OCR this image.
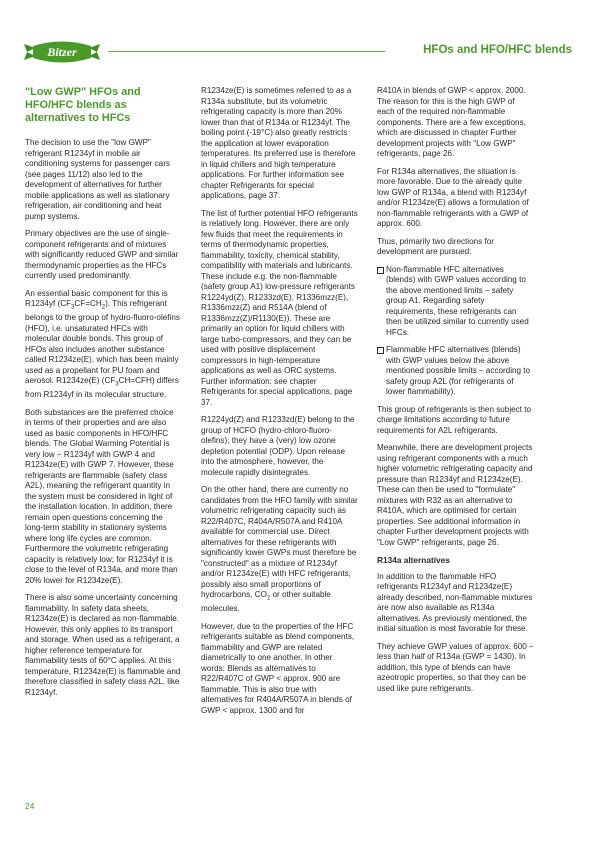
Bitzer	HFOs and HFO/HFC blends
"Low GWP" HFOs and HFO/HFC blends as alternatives to HFCs

The decision to use the "low GWP" refrigerant R1234yf in mobile air conditioning systems for passenger cars (see pages 11/12) also led to the development of alternatives for further mobile applications as well as stationary refrigeration, air conditioning and heat pump systems.

Primary objectives are the use of single-component refrigerants and of mixtures with significantly reduced GWP and similar thermodynamic properties as the HFCs currently used predominantly.

An essential basic component for this is R1234yf $(CF_3CF=CH_2)$. This refrigerant belongs to the group of hydro-fluoro-olefins (HFO), i.e. unsaturated HFCs with molecular double bonds. This group of HFOs also includes another substance called R1234ze(E), which has been mainly used as a propellant for PU foam and aerosol. R1234ze(E) $(CF_3CH=CFH)$ differs from R1234yf in its molecular structure.

Both substances are the preferred choice in terms of their properties and are also used as basic components in HFO/HFC blends. The Global Warming Potential is very low – R1234yf with GWP 4 and R1234ze(E) with GWP 7. However, these refrigerants are flammable (safety class A2L), meaning the refrigerant quantity in the system must be considered in light of the installation location. In addition, there remain open questions concerning the long-term stability in stationary systems where long life cycles are common. Furthermore the volumetric refrigerating capacity is relatively low; for R1234yf it is close to the level of R134a, and more than 20% lower for R1234ze(E).

There is also some uncertainty concerning flammability. In safety data sheets, R1234ze(E) is declared as non-flammable. However, this only applies to its transport and storage. When used as a refrigerant, a higher reference temperature for flammability tests of 60°C applies. At this temperature, R1234ze(E) is flammable and therefore classified in safety class A2L, like R1234yf.

R1234ze(E) is sometimes referred to as a R134a substitute, but its volumetric refrigerating capacity is more than 20% lower than that of R134a or R1234yf. The boiling point (-19°C) also greatly restricts the application at lower evaporation temperatures. Its preferred use is therefore in liquid chillers and high temperature applications. For further information see chapter Refrigerants for special applications, page 37.

The list of further potential HFO refrigerants is relatively long. However, there are only few fluids that meet the requirements in terms of thermodynamic properties, flammability, toxicity, chemical stability, compatibility with materials and lubricants. These include e.g. the non-flammable (safety group A1) low-pressure refrigerants R1224yd(Z), R1233zd(E), R1336mzz(E), R1336mzz(Z) and R514A (blend of R1336mzz(Z)/R1130(E)). These are primarily an option for liquid chillers with large turbo-compressors, and they can be used with positive displacement compressors in high-temperature applications as well as ORC systems. Further information: see chapter Refrigerants for special applications, page 37.

R1224yd(Z) and R1233zd(E) belong to the group of HCFO (hydro-chloro-fluoro-olefins); they have a (very) low ozone depletion potential (ODP). Upon release into the atmosphere, however, the molecule rapidly disintegrates.

On the other hand, there are currently no candidates from the HFO family with similar volumetric refrigerating capacity such as R22/R407C, R404A/R507A and R410A available for commercial use. Direct alternatives for these refrigerants with significantly lower GWPs must therefore be "constructed" as a mixture of R1234yf and/or R1234ze(E) with HFC refrigerants, possibly also small proportions of hydrocarbons, $CO_2$ or other suitable molecules.

However, due to the properties of the HFC refrigerants suitable as blend components, flammability and GWP are related diametrically to one another. In other words: Blends as alternatives to R22/R407C of GWP < approx. 900 are flammable. This is also true with alternatives for R404A/R507A in blends of GWP < approx. 1300 and for

R410A in blends of GWP < approx. 2000. The reason for this is the high GWP of each of the required non-flammable components. There are a few exceptions, which are discussed in chapter Further development projects with "Low GWP" refrigerants, page 26.

For R134a alternatives, the situation is more favorable. Due to the already quite low GWP of R134a, a blend with R1234yf and/or R1234ze(E) allows a formulation of non-flammable refrigerants with a GWP of approx. 600.

Thus, primarily two directions for development are pursued:

Non-flammable HFC alternatives (blends) with GWP values according to the above mentioned limits – safety group A1. Regarding safety requirements, these refrigerants can then be utilized similar to currently used HFCs.

Flammable HFC alternatives (blends) with GWP values below the above mentioned possible limits – according to safety group A2L (for refrigerants of lower flammability).

This group of refrigerants is then subject to charge limitations according to future requirements for A2L refrigerants.

Meanwhile, there are development projects using refrigerant components with a much higher volumetric refrigerating capacity and pressure than R1234yf and R1234ze(E). These can then be used to "formulate" mixtures with R32 as an alternative to R410A, which are optimised for certain properties. See additional information in chapter Further development projects with "Low GWP" refrigerants, page 26.

R134a alternatives

In addition to the flammable HFO refrigerants R1234yf and R1234ze(E) already described, non-flammable mixtures are now also available as R134a alternatives. As previously mentioned, the initial situation is most favorable for these.

They achieve GWP values of approx. 600 – less than half of R134a (GWP = 1430). In addition, this type of blends can have azeotropic properties, so that they can be used like pure refrigerants.

24
